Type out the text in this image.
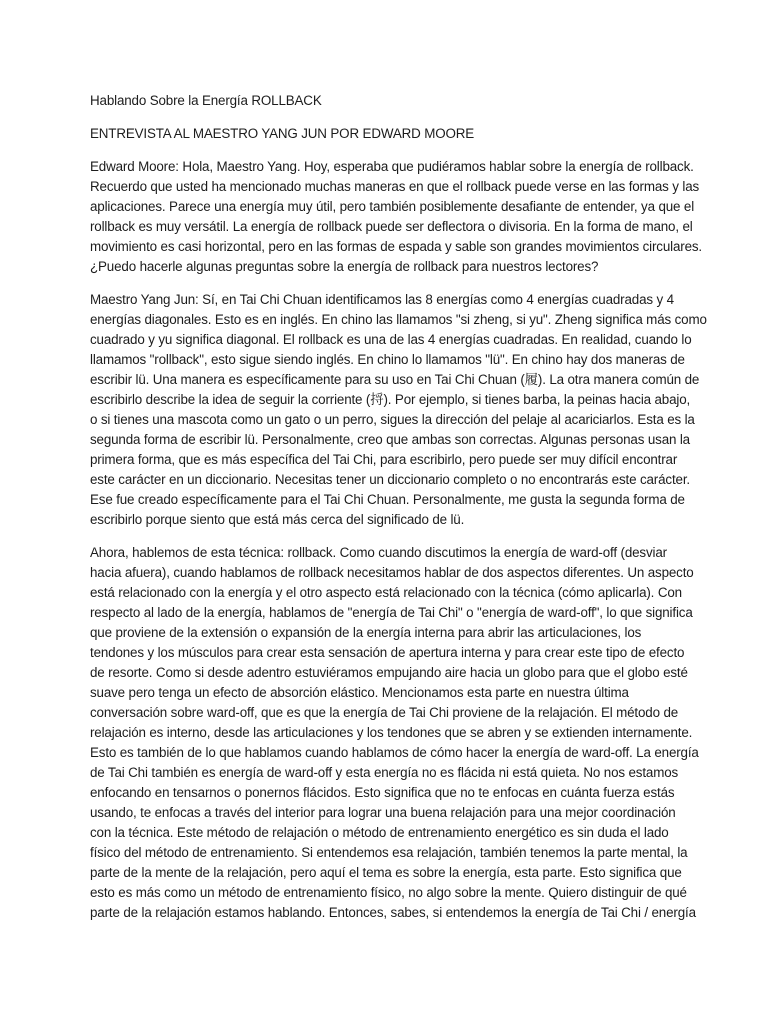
Hablando Sobre la Energía ROLLBACK
ENTREVISTA AL MAESTRO YANG JUN POR EDWARD MOORE
Edward Moore: Hola, Maestro Yang. Hoy, esperaba que pudiéramos hablar sobre la energía de rollback.
Recuerdo que usted ha mencionado muchas maneras en que el rollback puede verse en las formas y las
aplicaciones. Parece una energía muy útil, pero también posiblemente desafiante de entender, ya que el
rollback es muy versátil. La energía de rollback puede ser deflectora o divisoria. En la forma de mano, el
movimiento es casi horizontal, pero en las formas de espada y sable son grandes movimientos circulares.
¿Puedo hacerle algunas preguntas sobre la energía de rollback para nuestros lectores?
Maestro Yang Jun: Sí, en Tai Chi Chuan identificamos las 8 energías como 4 energías cuadradas y 4
energías diagonales. Esto es en inglés. En chino las llamamos "si zheng, si yu". Zheng significa más como
cuadrado y yu significa diagonal. El rollback es una de las 4 energías cuadradas. En realidad, cuando lo
llamamos "rollback", esto sigue siendo inglés. En chino lo llamamos "lü". En chino hay dos maneras de
escribir lü. Una manera es específicamente para su uso en Tai Chi Chuan (履). La otra manera común de
escribirlo describe la idea de seguir la corriente (捋). Por ejemplo, si tienes barba, la peinas hacia abajo,
o si tienes una mascota como un gato o un perro, sigues la dirección del pelaje al acariciarlos. Esta es la
segunda forma de escribir lü. Personalmente, creo que ambas son correctas. Algunas personas usan la
primera forma, que es más específica del Tai Chi, para escribirlo, pero puede ser muy difícil encontrar
este carácter en un diccionario. Necesitas tener un diccionario completo o no encontrarás este carácter.
Ese fue creado específicamente para el Tai Chi Chuan. Personalmente, me gusta la segunda forma de
escribirlo porque siento que está más cerca del significado de lü.
Ahora, hablemos de esta técnica: rollback. Como cuando discutimos la energía de ward-off (desviar
hacia afuera), cuando hablamos de rollback necesitamos hablar de dos aspectos diferentes. Un aspecto
está relacionado con la energía y el otro aspecto está relacionado con la técnica (cómo aplicarla). Con
respecto al lado de la energía, hablamos de "energía de Tai Chi" o "energía de ward-off", lo que significa
que proviene de la extensión o expansión de la energía interna para abrir las articulaciones, los
tendones y los músculos para crear esta sensación de apertura interna y para crear este tipo de efecto
de resorte. Como si desde adentro estuviéramos empujando aire hacia un globo para que el globo esté
suave pero tenga un efecto de absorción elástico. Mencionamos esta parte en nuestra última
conversación sobre ward-off, que es que la energía de Tai Chi proviene de la relajación. El método de
relajación es interno, desde las articulaciones y los tendones que se abren y se extienden internamente.
Esto es también de lo que hablamos cuando hablamos de cómo hacer la energía de ward-off. La energía
de Tai Chi también es energía de ward-off y esta energía no es flácida ni está quieta. No nos estamos
enfocando en tensarnos o ponernos flácidos. Esto significa que no te enfocas en cuánta fuerza estás
usando, te enfocas a través del interior para lograr una buena relajación para una mejor coordinación
con la técnica. Este método de relajación o método de entrenamiento energético es sin duda el lado
físico del método de entrenamiento. Si entendemos esa relajación, también tenemos la parte mental, la
parte de la mente de la relajación, pero aquí el tema es sobre la energía, esta parte. Esto significa que
esto es más como un método de entrenamiento físico, no algo sobre la mente. Quiero distinguir de qué
parte de la relajación estamos hablando. Entonces, sabes, si entendemos la energía de Tai Chi / energía
